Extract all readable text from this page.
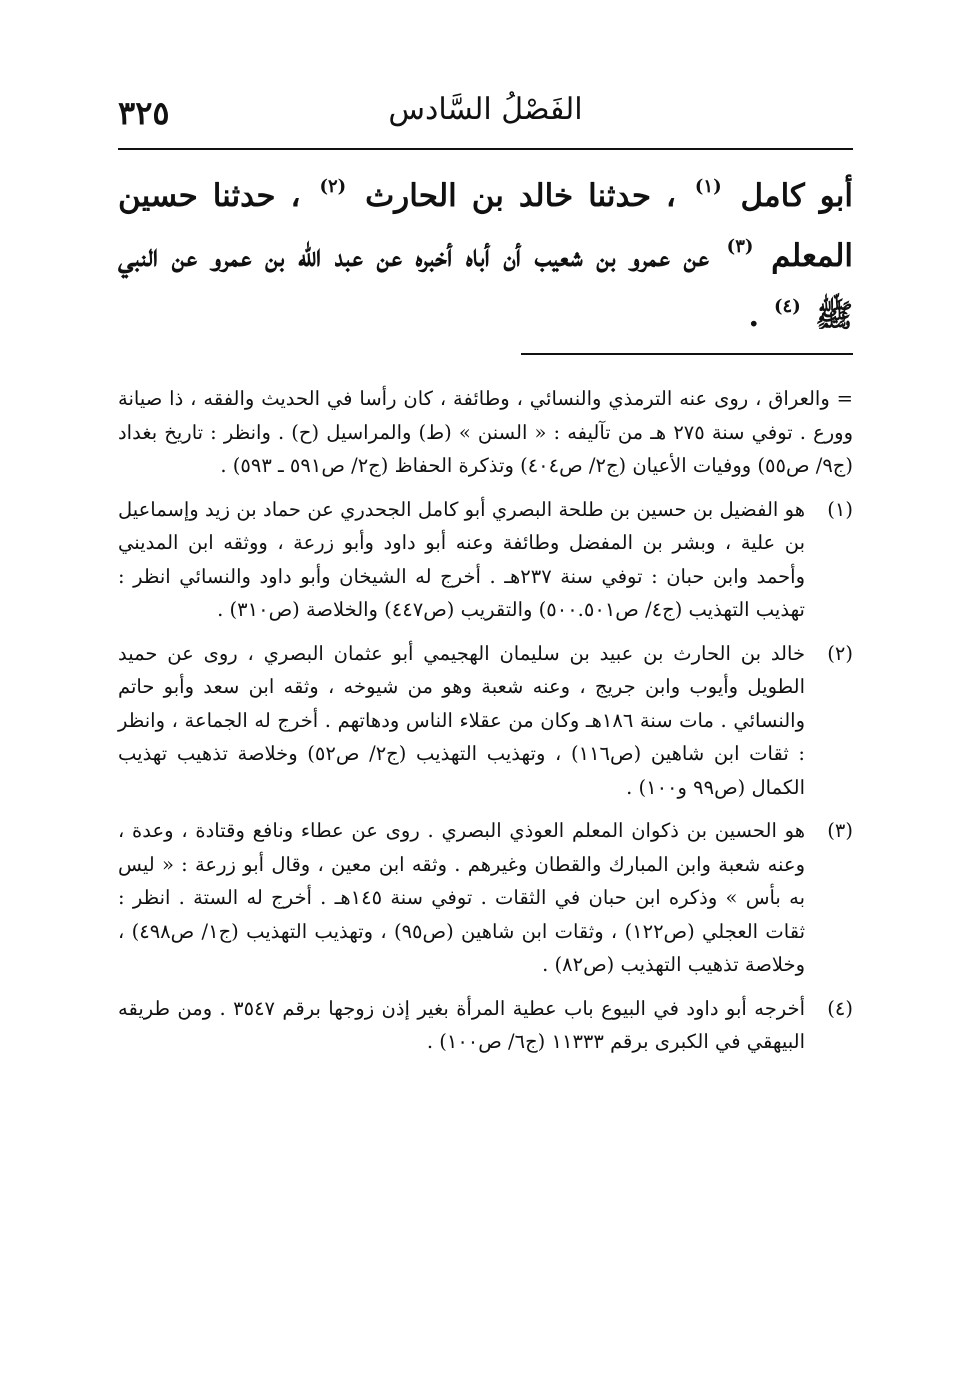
الفَصْلُ السَّادس
٣٢٥
أبو كامل $^{(١)}$ ، حدثنا خالد بن الحارث $^{(٢)}$ ، حدثنا حسين المعلم $^{(٣)}$ عن عمرو بن شعيب أن أباه أخبره عن عبد الله بن عمرو عن النبي ﷺ $^{(٤)}$ .

= والعراق ، روى عنه الترمذي والنسائي ، وطائفة ، كان رأسا في الحديث والفقه ، ذا صيانة وورع . توفي سنة ٢٧٥ هـ من تآليفه : « السنن » (ط) والمراسيل (ح) . وانظر : تاريخ بغداد (ج٩/ ص٥٥) ووفيات الأعيان (ج٢/ ص٤٠٤) وتذكرة الحفاظ (ج٢/ ص٥٩١ ـ ٥٩٣) .

(١)
هو الفضيل بن حسين بن طلحة البصري أبو كامل الجحدري عن حماد بن زيد وإسماعيل بن علية ، وبشر بن المفضل وطائفة وعنه أبو داود وأبو زرعة ، ووثقه ابن المديني وأحمد وابن حبان : توفي سنة ٢٣٧هـ . أخرج له الشيخان وأبو داود والنسائي انظر : تهذيب التهذيب (ج٤/ ص٥٠٠.٥٠١) والتقريب (ص٤٤٧) والخلاصة (ص٣١٠) .
(٢)
خالد بن الحارث بن عبيد بن سليمان الهجيمي أبو عثمان البصري ، روى عن حميد الطويل وأيوب وابن جريج ، وعنه شعبة وهو من شيوخه ، وثقه ابن سعد وأبو حاتم والنسائي . مات سنة ١٨٦هـ وكان من عقلاء الناس ودهاتهم . أخرج له الجماعة ، وانظر : ثقات ابن شاهين (ص١١٦) ، وتهذيب التهذيب (ج٢/ ص٥٢) وخلاصة تذهيب تهذيب الكمال (ص٩٩ و١٠٠) .
(٣)
هو الحسين بن ذكوان المعلم العوذي البصري . روى عن عطاء ونافع وقتادة ، وعدة ، وعنه شعبة وابن المبارك والقطان وغيرهم . وثقه ابن معين ، وقال أبو زرعة : « ليس به بأس » وذكره ابن حبان في الثقات . توفي سنة ١٤٥هـ . أخرج له الستة . انظر : ثقات العجلي (ص١٢٢) ، وثقات ابن شاهين (ص٩٥) ، وتهذيب التهذيب (ج١/ ص٤٩٨) ، وخلاصة تذهيب التهذيب (ص٨٢) .
(٤)
أخرجه أبو داود في البيوع باب عطية المرأة بغير إذن زوجها برقم ٣٥٤٧ . ومن طريقه البيهقي في الكبرى برقم ١١٣٣٣ (ج٦/ ص١٠٠) .
